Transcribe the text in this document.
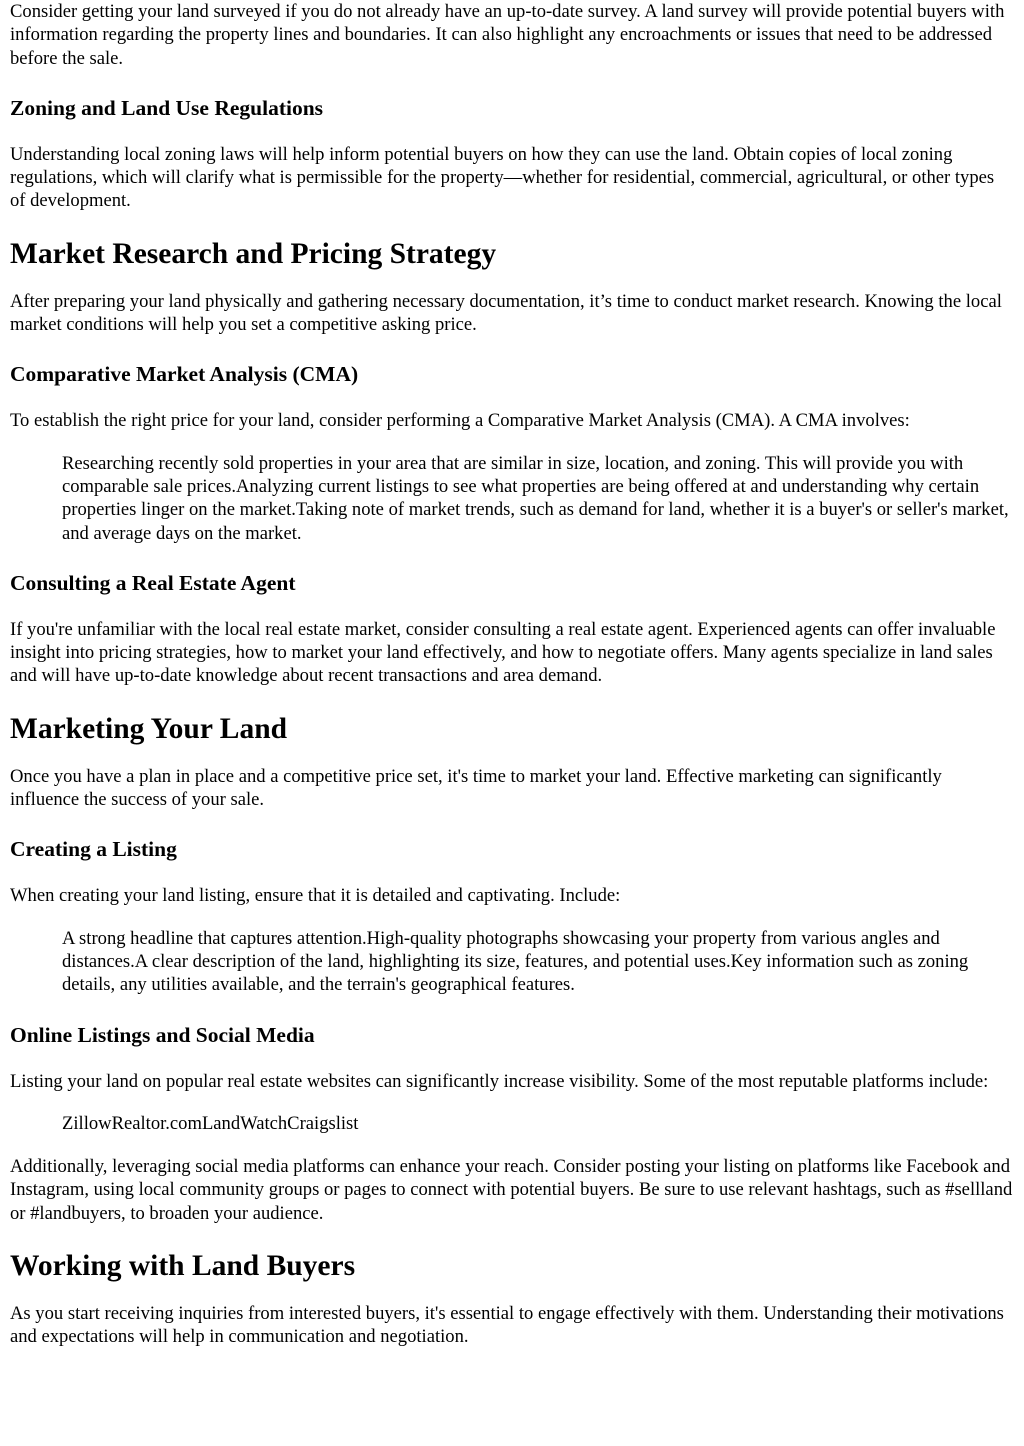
Consider getting your land surveyed if you do not already have an up-to-date survey. A land survey will provide potential buyers with information regarding the property lines and boundaries. It can also highlight any encroachments or issues that need to be addressed before the sale.

Zoning and Land Use Regulations

Understanding local zoning laws will help inform potential buyers on how they can use the land. Obtain copies of local zoning regulations, which will clarify what is permissible for the property—whether for residential, commercial, agricultural, or other types of development.

Market Research and Pricing Strategy

After preparing your land physically and gathering necessary documentation, it’s time to conduct market research. Knowing the local market conditions will help you set a competitive asking price.

Comparative Market Analysis (CMA)

To establish the right price for your land, consider performing a Comparative Market Analysis (CMA). A CMA involves:

Researching recently sold properties in your area that are similar in size, location, and zoning. This will provide you with comparable sale prices.Analyzing current listings to see what properties are being offered at and understanding why certain properties linger on the market.Taking note of market trends, such as demand for land, whether it is a buyer's or seller's market, and average days on the market.
Consulting a Real Estate Agent

If you're unfamiliar with the local real estate market, consider consulting a real estate agent. Experienced agents can offer invaluable insight into pricing strategies, how to market your land effectively, and how to negotiate offers. Many agents specialize in land sales and will have up-to-date knowledge about recent transactions and area demand.

Marketing Your Land

Once you have a plan in place and a competitive price set, it's time to market your land. Effective marketing can significantly influence the success of your sale.

Creating a Listing

When creating your land listing, ensure that it is detailed and captivating. Include:

A strong headline that captures attention.High-quality photographs showcasing your property from various angles and distances.A clear description of the land, highlighting its size, features, and potential uses.Key information such as zoning details, any utilities available, and the terrain's geographical features.
Online Listings and Social Media

Listing your land on popular real estate websites can significantly increase visibility. Some of the most reputable platforms include:

ZillowRealtor.comLandWatchCraigslist

Additionally, leveraging social media platforms can enhance your reach. Consider posting your listing on platforms like Facebook and Instagram, using local community groups or pages to connect with potential buyers. Be sure to use relevant hashtags, such as #sellland or #landbuyers, to broaden your audience.

Working with Land Buyers

As you start receiving inquiries from interested buyers, it's essential to engage effectively with them. Understanding their motivations and expectations will help in communication and negotiation.
